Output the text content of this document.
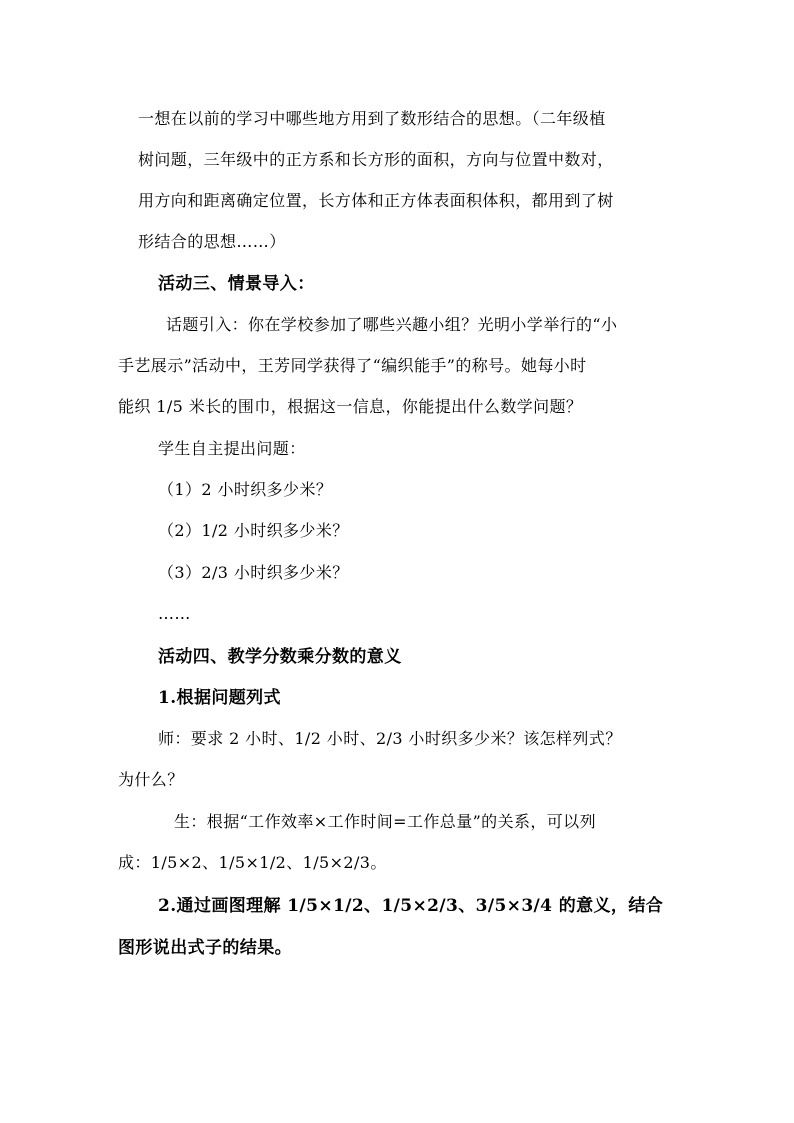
一想在以前的学习中哪些地方用到了数形结合的思想。（二年级植
树问题，三年级中的正方系和长方形的面积，方向与位置中数对，
用方向和距离确定位置，长方体和正方体表面积体积，都用到了树
形结合的思想……）
活动三、情景导入：
话题引入：你在学校参加了哪些兴趣小组？光明小学举行的“小
手艺展示”活动中，王芳同学获得了“编织能手”的称号。她每小时
能织 1/5 米长的围巾，根据这一信息，你能提出什么数学问题？
学生自主提出问题：
（1）2 小时织多少米？
（2）1/2 小时织多少米？
（3）2/3 小时织多少米？
……
活动四、教学分数乘分数的意义
1.根据问题列式
师：要求 2 小时、1/2 小时、2/3 小时织多少米？该怎样列式？
为什么？
生：根据“工作效率×工作时间=工作总量”的关系，可以列
成：1/5×2、1/5×1/2、1/5×2/3。
2.通过画图理解 1/5×1/2、1/5×2/3、3/5×3/4 的意义，结合
图形说出式子的结果。
